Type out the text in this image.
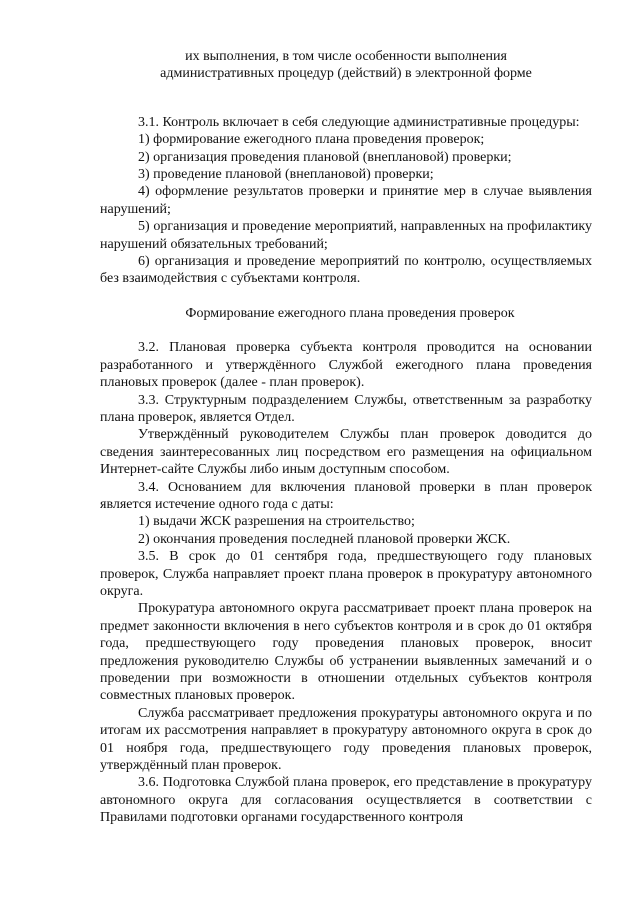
их выполнения, в том числе особенности выполнения
административных процедур (действий) в электронной форме

3.1. Контроль включает в себя следующие административные процедуры:

1) формирование ежегодного плана проведения проверок;

2) организация проведения плановой (внеплановой) проверки;

3) проведение плановой (внеплановой) проверки;

4) оформление результатов проверки и принятие мер в случае выявления нарушений;

5) организация и проведение мероприятий, направленных на профилактику нарушений обязательных требований;

6) организация и проведение мероприятий по контролю, осуществляемых без взаимодействия с субъектами контроля.

Формирование ежегодного плана проведения проверок

3.2. Плановая проверка субъекта контроля проводится на основании разработанного и утверждённого Службой ежегодного плана проведения плановых проверок (далее - план проверок).

3.3. Структурным подразделением Службы, ответственным за разработку плана проверок, является Отдел.

Утверждённый руководителем Службы план проверок доводится до сведения заинтересованных лиц посредством его размещения на официальном Интернет-сайте Службы либо иным доступным способом.

3.4. Основанием для включения плановой проверки в план проверок является истечение одного года с даты:

1) выдачи ЖСК разрешения на строительство;

2) окончания проведения последней плановой проверки ЖСК.

3.5. В срок до 01 сентября года, предшествующего году плановых проверок, Служба направляет проект плана проверок в прокуратуру автономного округа.

Прокуратура автономного округа рассматривает проект плана проверок на предмет законности включения в него субъектов контроля и в срок до 01 октября года, предшествующего году проведения плановых проверок, вносит предложения руководителю Службы об устранении выявленных замечаний и о проведении при возможности в отношении отдельных субъектов контроля совместных плановых проверок.

Служба рассматривает предложения прокуратуры автономного округа и по итогам их рассмотрения направляет в прокуратуру автономного округа в срок до 01 ноября года, предшествующего году проведения плановых проверок, утверждённый план проверок.

3.6. Подготовка Службой плана проверок, его представление в прокуратуру автономного округа для согласования осуществляется в соответствии с Правилами подготовки органами государственного контроля
